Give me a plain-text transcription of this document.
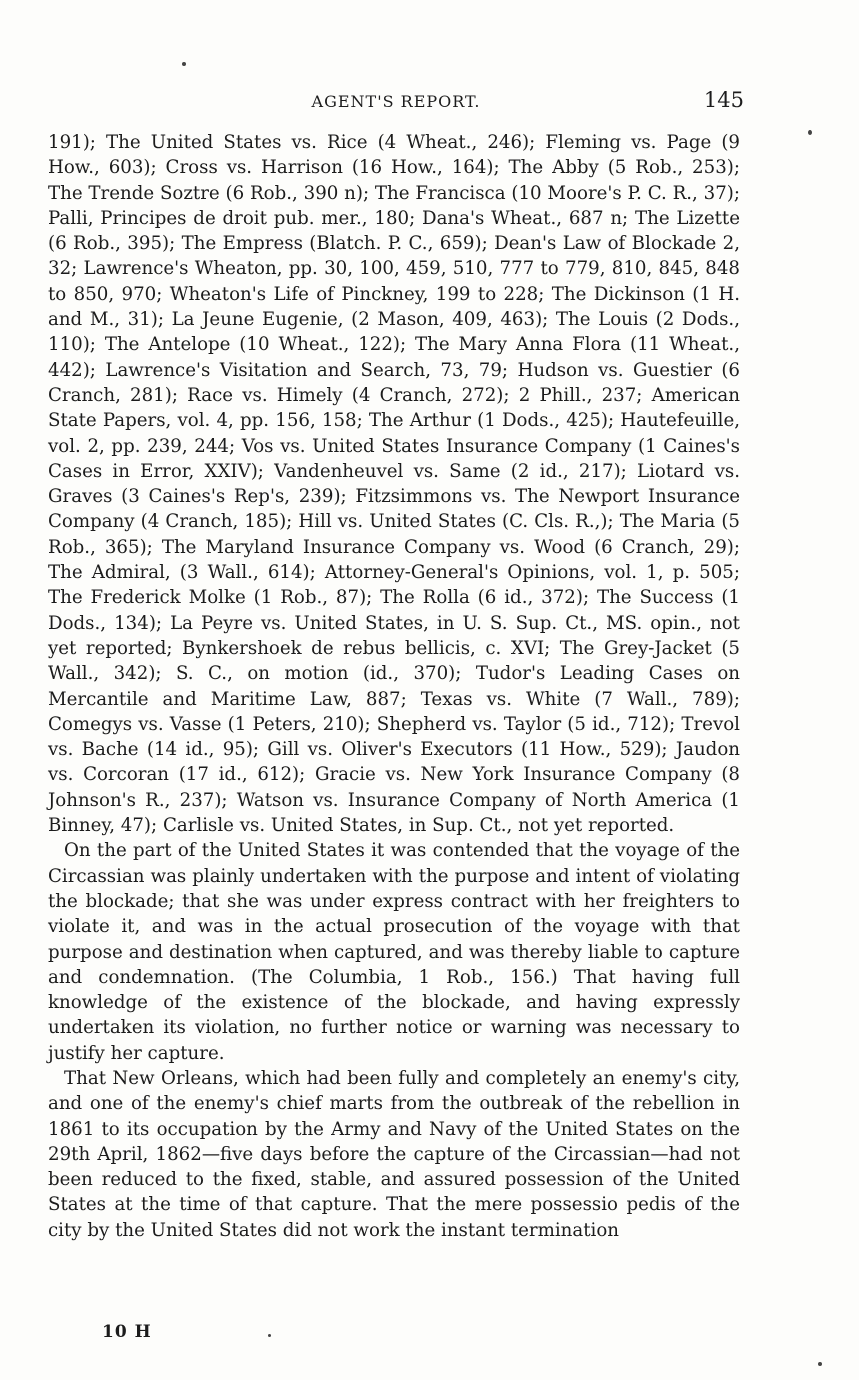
AGENT'S REPORT.	145

191); The United States vs. Rice (4 Wheat., 246); Fleming vs. Page (9 How., 603); Cross vs. Harrison (16 How., 164); The Abby (5 Rob., 253); The Trende Soztre (6 Rob., 390 n); The Francisca (10 Moore's P. C. R., 37); Palli, Principes de droit pub. mer., 180; Dana's Wheat., 687 n; The Lizette (6 Rob., 395); The Empress (Blatch. P. C., 659); Dean's Law of Blockade 2, 32; Lawrence's Wheaton, pp. 30, 100, 459, 510, 777 to 779, 810, 845, 848 to 850, 970; Wheaton's Life of Pinckney, 199 to 228; The Dickinson (1 H. and M., 31); La Jeune Eugenie, (2 Mason, 409, 463); The Louis (2 Dods., 110); The Antelope (10 Wheat., 122); The Mary Anna Flora (11 Wheat., 442); Lawrence's Visitation and Search, 73, 79; Hudson vs. Guestier (6 Cranch, 281); Race vs. Himely (4 Cranch, 272); 2 Phill., 237; American State Papers, vol. 4, pp. 156, 158; The Arthur (1 Dods., 425); Hautefeuille, vol. 2, pp. 239, 244; Vos vs. United States Insurance Company (1 Caines's Cases in Error, XXIV); Vandenheuvel vs. Same (2 id., 217); Liotard vs. Graves (3 Caines's Rep's, 239); Fitzsimmons vs. The Newport Insurance Company (4 Cranch, 185); Hill vs. United States (C. Cls. R.,); The Maria (5 Rob., 365); The Maryland Insurance Company vs. Wood (6 Cranch, 29); The Admiral, (3 Wall., 614); Attorney-General's Opinions, vol. 1, p. 505; The Frederick Molke (1 Rob., 87); The Rolla (6 id., 372); The Success (1 Dods., 134); La Peyre vs. United States, in U. S. Sup. Ct., MS. opin., not yet reported; Bynkershoek de rebus bellicis, c. XVI; The Grey-Jacket (5 Wall., 342); S. C., on motion (id., 370); Tudor's Leading Cases on Mercantile and Maritime Law, 887; Texas vs. White (7 Wall., 789); Comegys vs. Vasse (1 Peters, 210); Shepherd vs. Taylor (5 id., 712); Trevol vs. Bache (14 id., 95); Gill vs. Oliver's Executors (11 How., 529); Jaudon vs. Corcoran (17 id., 612); Gracie vs. New York Insurance Company (8 Johnson's R., 237); Watson vs. Insurance Company of North America (1 Binney, 47); Carlisle vs. United States, in Sup. Ct., not yet reported.

On the part of the United States it was contended that the voyage of the Circassian was plainly undertaken with the purpose and intent of violating the blockade; that she was under express contract with her freighters to violate it, and was in the actual prosecution of the voyage with that purpose and destination when captured, and was thereby liable to capture and condemnation. (The Columbia, 1 Rob., 156.) That having full knowledge of the existence of the blockade, and having expressly undertaken its violation, no further notice or warning was necessary to justify her capture.

That New Orleans, which had been fully and completely an enemy's city, and one of the enemy's chief marts from the outbreak of the rebellion in 1861 to its occupation by the Army and Navy of the United States on the 29th April, 1862—five days before the capture of the Circassian—had not been reduced to the fixed, stable, and assured possession of the United States at the time of that capture. That the mere possessio pedis of the city by the United States did not work the instant termination

10 H
